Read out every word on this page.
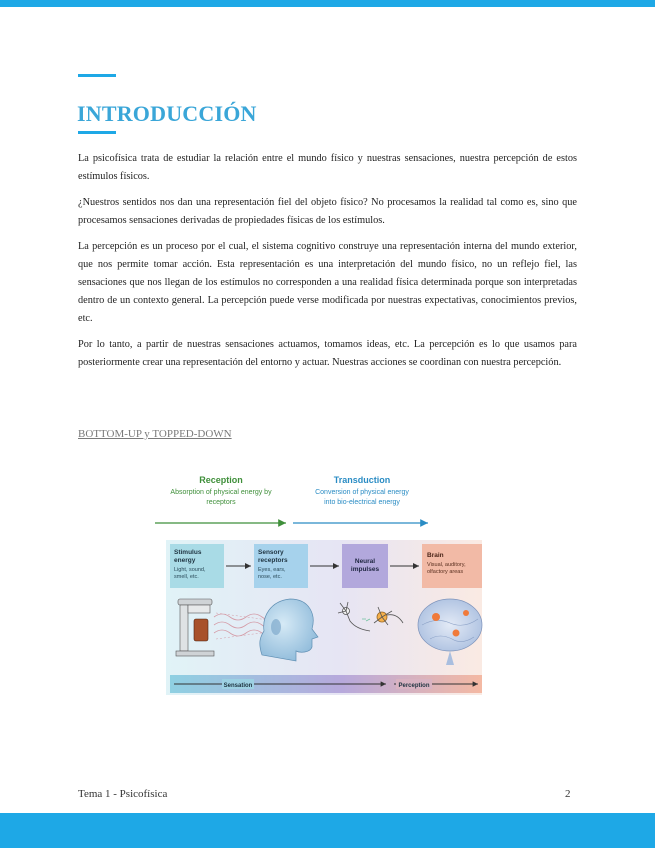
INTRODUCCIÓN

La psicofísica trata de estudiar la relación entre el mundo físico y nuestras sensaciones, nuestra percepción de estos estímulos físicos.

¿Nuestros sentidos nos dan una representación fiel del objeto físico? No procesamos la realidad tal como es, sino que procesamos sensaciones derivadas de propiedades físicas de los estímulos.

La percepción es un proceso por el cual, el sistema cognitivo construye una representación interna del mundo exterior, que nos permite tomar acción. Esta representación es una interpretación del mundo físico, no un reflejo fiel, las sensaciones que nos llegan de los estímulos no corresponden a una realidad física determinada porque son interpretadas dentro de un contexto general. La percepción puede verse modificada por nuestras expectativas, conocimientos previos, etc.

Por lo tanto, a partir de nuestras sensaciones actuamos, tomamos ideas, etc. La percepción es lo que usamos para posteriormente crear una representación del entorno y actuar. Nuestras acciones se coordinan con nuestra percepción.

BOTTOM-UP y TOPPED-DOWN
Reception
Absorption of physical energy by
receptors
Transduction
Conversion of physical energy
into bio-electrical energy
Stimulus
energy
Light, sound,
smell, etc.
Sensory
receptors
Eyes, ears,
nose, etc.
Neural
impulses
Brain
Visual, auditory,
olfactory areas
Sensation	Perception
Tema 1 - Psicofísica	2
